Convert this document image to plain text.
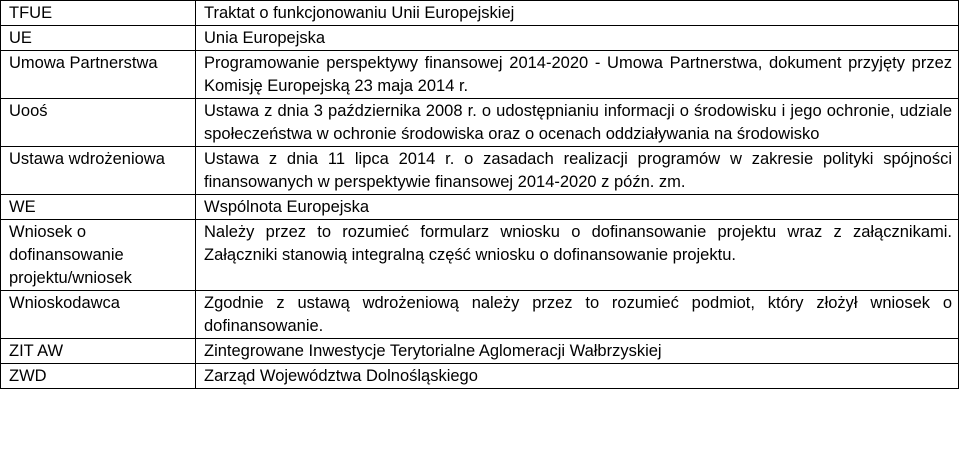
TFUE	Traktat o funkcjonowaniu Unii Europejskiej
UE	Unia Europejska
Umowa Partnerstwa	Programowanie perspektywy finansowej 2014-2020 - Umowa Partnerstwa, dokument przyjęty przez Komisję Europejską 23 maja 2014 r.
Uooś	Ustawa z dnia 3 października 2008 r. o udostępnianiu informacji o środowisku i jego ochronie, udziale społeczeństwa w ochronie środowiska oraz o ocenach oddziaływania na środowisko
Ustawa wdrożeniowa	Ustawa z dnia 11 lipca 2014 r. o zasadach realizacji programów w zakresie polityki spójności finansowanych w perspektywie finansowej 2014-2020 z późn. zm.
WE	Wspólnota Europejska
Wniosek o dofinansowanie projektu/wniosek	Należy przez to rozumieć formularz wniosku o dofinansowanie projektu wraz z załącznikami. Załączniki stanowią integralną część wniosku o dofinansowanie projektu.
Wnioskodawca	Zgodnie z ustawą wdrożeniową należy przez to rozumieć podmiot, który złożył wniosek o dofinansowanie.
ZIT AW	Zintegrowane Inwestycje Terytorialne Aglomeracji Wałbrzyskiej
ZWD	Zarząd Województwa Dolnośląskiego
